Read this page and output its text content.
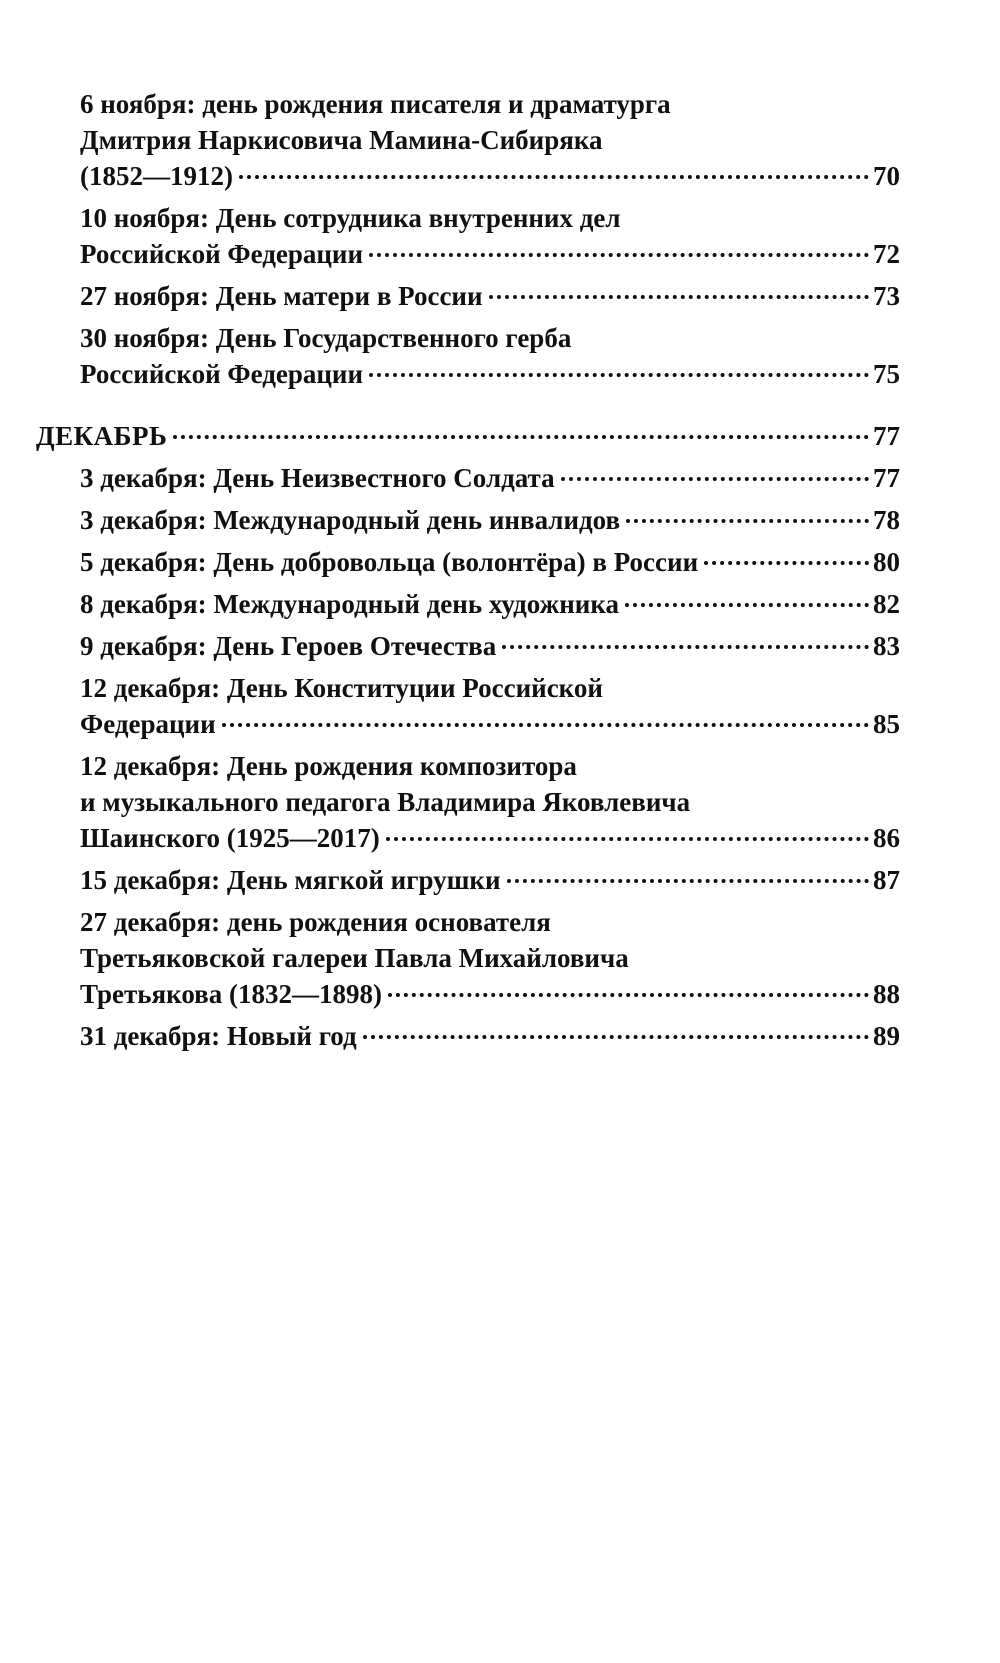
6 ноября: день рождения писателя и драматурга
Дмитрия Наркисовича Мамина-Сибиряка
(1852—1912)	70
10 ноября: День сотрудника внутренних дел
Российской Федерации	72
27 ноября: День матери в России	73
30 ноября: День Государственного герба
Российской Федерации	75
ДЕКАБРЬ	77
3 декабря: День Неизвестного Солдата	77
3 декабря: Международный день инвалидов	78
5 декабря: День добровольца (волонтёра) в России	80
8 декабря: Международный день художника	82
9 декабря: День Героев Отечества	83
12 декабря: День Конституции Российской
Федерации	85
12 декабря: День рождения композитора
и музыкального педагога Владимира Яковлевича
Шаинского (1925—2017)	86
15 декабря: День мягкой игрушки	87
27 декабря: день рождения основателя
Третьяковской галереи Павла Михайловича
Третьякова (1832—1898)	88
31 декабря: Новый год	89
